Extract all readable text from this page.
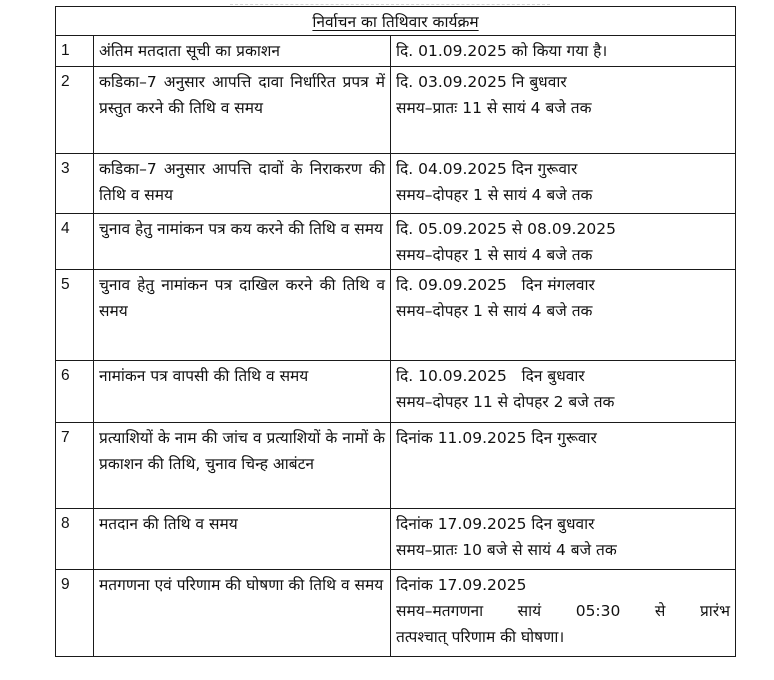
निर्वाचन का तिथिवार कार्यक्रम		
1	अंतिम मतदाता सूची का प्रकाशन	दि. 01.09.2025 को किया गया है।

2	कडिका–7 अनुसार आपत्ति दावा निर्धारित प्रपत्र में प्रस्तुत करने की तिथि व समय	दि. 03.09.2025 नि बुधवार
समय–प्रातः 11 से सायं 4 बजे तक

3	कडिका–7 अनुसार आपत्ति दावों के निराकरण की तिथि व समय	दि. 04.09.2025 दिन गुरूवार
समय–दोपहर 1 से सायं 4 बजे तक

4	चुनाव हेतु नामांकन पत्र कय करने की तिथि व समय	दि. 05.09.2025 से 08.09.2025
समय–दोपहर 1 से सायं 4 बजे तक

5	चुनाव हेतु नामांकन पत्र दाखिल करने की तिथि व समय	दि. 09.09.2025   दिन मंगलवार
समय–दोपहर 1 से सायं 4 बजे तक

6	नामांकन पत्र वापसी की तिथि व समय	दि. 10.09.2025   दिन बुधवार
समय–दोपहर 11 से दोपहर 2 बजे तक

7	प्रत्याशियों के नाम की जांच व प्रत्याशियों के नामों के प्रकाशन की तिथि, चुनाव चिन्ह आबंटन	दिनांक 11.09.2025 दिन गुरूवार

8	मतदान की तिथि व समय	दिनांक 17.09.2025 दिन बुधवार
समय–प्रातः 10 बजे से सायं 4 बजे तक

9	मतगणना एवं परिणाम की घोषणा की तिथि व समय	दिनांक 17.09.2025
समय–मतगणना सायं 05:30 से प्रारंभ
तत्पश्चात् परिणाम की घोषणा।
